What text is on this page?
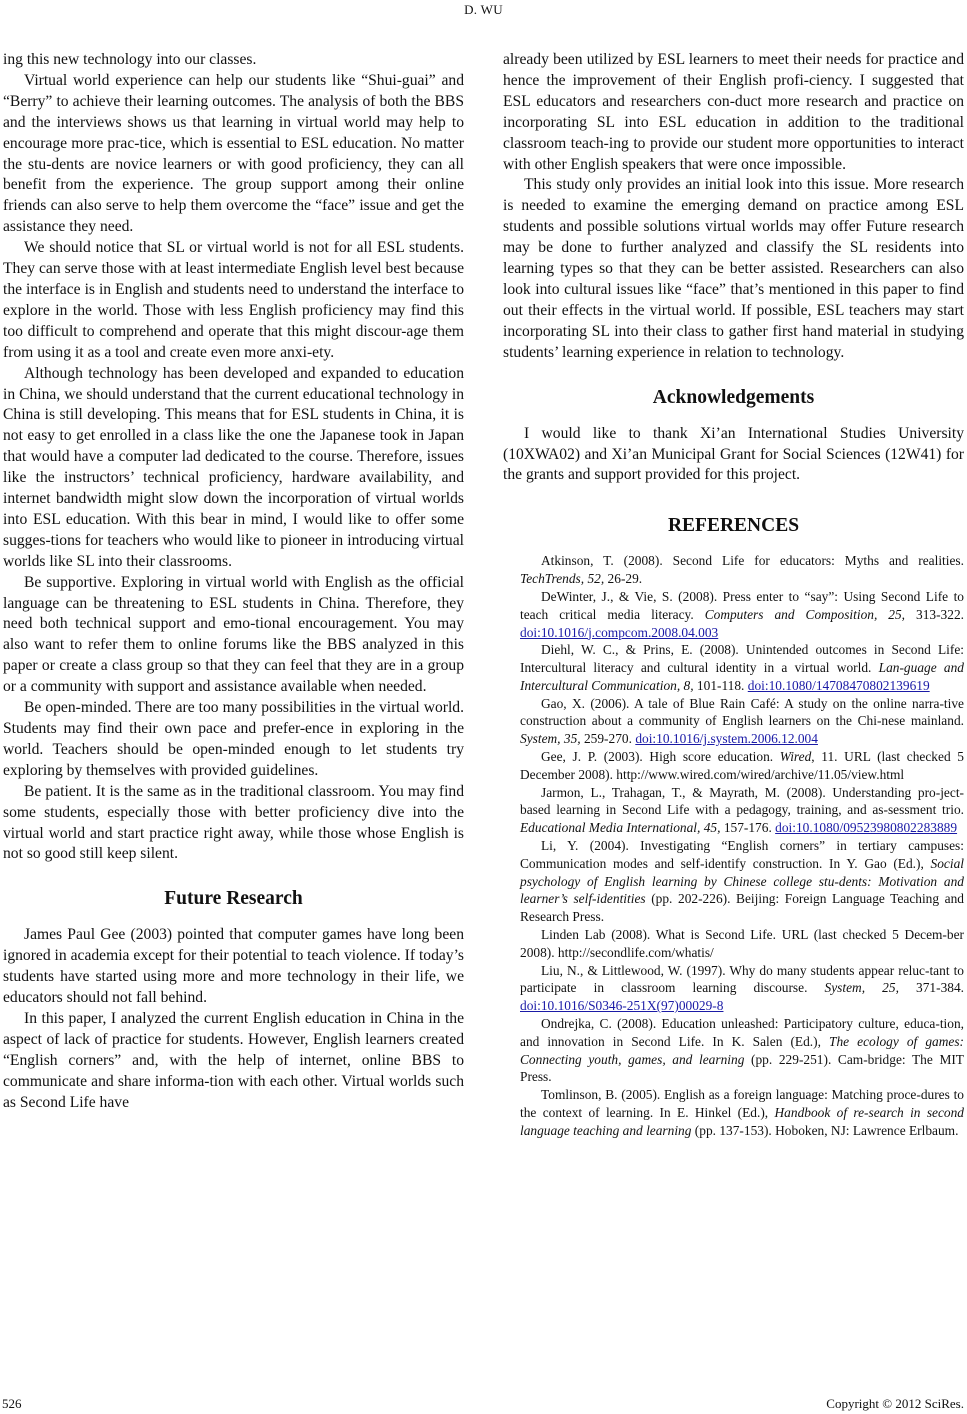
D. WU

ing this new technology into our classes.

Virtual world experience can help our students like “Shui-guai” and “Berry” to achieve their learning outcomes. The analysis of both the BBS and the interviews shows us that learning in virtual world may help to encourage more prac-tice, which is essential to ESL education. No matter the stu-dents are novice learners or with good proficiency, they can all benefit from the experience. The group support among their online friends can also serve to help them overcome the “face” issue and get the assistance they need.

We should notice that SL or virtual world is not for all ESL students. They can serve those with at least intermediate English level best because the interface is in English and students need to understand the interface to explore in the world. Those with less English proficiency may find this too difficult to comprehend and operate that this might discour-age them from using it as a tool and create even more anxi-ety.

Although technology has been developed and expanded to education in China, we should understand that the current educational technology in China is still developing. This means that for ESL students in China, it is not easy to get enrolled in a class like the one the Japanese took in Japan that would have a computer lad dedicated to the course. Therefore, issues like the instructors’ technical proficiency, hardware availability, and internet bandwidth might slow down the incorporation of virtual worlds into ESL education. With this bear in mind, I would like to offer some sugges-tions for teachers who would like to pioneer in introducing virtual worlds like SL into their classrooms.

Be supportive. Exploring in virtual world with English as the official language can be threatening to ESL students in China. Therefore, they need both technical support and emo-tional encouragement. You may also want to refer them to online forums like the BBS analyzed in this paper or create a class group so that they can feel that they are in a group or a community with support and assistance available when needed.

Be open-minded. There are too many possibilities in the virtual world. Students may find their own pace and prefer-ence in exploring in the world. Teachers should be open-minded enough to let students try exploring by themselves with provided guidelines.

Be patient. It is the same as in the traditional classroom. You may find some students, especially those with better proficiency dive into the virtual world and start practice right away, while those whose English is not so good still keep silent.

Future Research

James Paul Gee (2003) pointed that computer games have long been ignored in academia except for their potential to teach violence. If today’s students have started using more and more technology in their life, we educators should not fall behind.

In this paper, I analyzed the current English education in China in the aspect of lack of practice for students. However, English learners created “English corners” and, with the help of internet, online BBS to communicate and share informa-tion with each other. Virtual worlds such as Second Life have

already been utilized by ESL learners to meet their needs for practice and hence the improvement of their English profi-ciency. I suggested that ESL educators and researchers con-duct more research and practice on incorporating SL into ESL education in addition to the traditional classroom teach-ing to provide our student more opportunities to interact with other English speakers that were once impossible.

This study only provides an initial look into this issue. More research is needed to examine the emerging demand on practice among ESL students and possible solutions virtual worlds may offer Future research may be done to further analyzed and classify the SL residents into learning types so that they can be better assisted. Researchers can also look into cultural issues like “face” that’s mentioned in this paper to find out their effects in the virtual world. If possible, ESL teachers may start incorporating SL into their class to gather first hand material in studying students’ learning experience in relation to technology.

Acknowledgements

I would like to thank Xi’an International Studies University (10XWA02) and Xi’an Municipal Grant for Social Sciences (12W41) for the grants and support provided for this project.

REFERENCES

Atkinson, T. (2008). Second Life for educators: Myths and realities. TechTrends, 52, 26-29.

DeWinter, J., & Vie, S. (2008). Press enter to “say”: Using Second Life to teach critical media literacy. Computers and Composition, 25, 313-322. doi:10.1016/j.compcom.2008.04.003

Diehl, W. C., & Prins, E. (2008). Unintended outcomes in Second Life: Intercultural literacy and cultural identity in a virtual world. Lan-guage and Intercultural Communication, 8, 101-118. doi:10.1080/14708470802139619

Gao, X. (2006). A tale of Blue Rain Café: A study on the online narra-tive construction about a community of English learners on the Chi-nese mainland. System, 35, 259-270. doi:10.1016/j.system.2006.12.004

Gee, J. P. (2003). High score education. Wired, 11. URL (last checked 5 December 2008). http://www.wired.com/wired/archive/11.05/view.html

Jarmon, L., Trahagan, T., & Mayrath, M. (2008). Understanding pro-ject-based learning in Second Life with a pedagogy, training, and as-sessment trio. Educational Media International, 45, 157-176. doi:10.1080/09523980802283889

Li, Y. (2004). Investigating “English corners” in tertiary campuses: Communication modes and self-identify construction. In Y. Gao (Ed.), Social psychology of English learning by Chinese college stu-dents: Motivation and learner’s self-identities (pp. 202-226). Beijing: Foreign Language Teaching and Research Press.

Linden Lab (2008). What is Second Life. URL (last checked 5 Decem-ber 2008). http://secondlife.com/whatis/

Liu, N., & Littlewood, W. (1997). Why do many students appear reluc-tant to participate in classroom learning discourse. System, 25, 371-384. doi:10.1016/S0346-251X(97)00029-8

Ondrejka, C. (2008). Education unleashed: Participatory culture, educa-tion, and innovation in Second Life. In K. Salen (Ed.), The ecology of games: Connecting youth, games, and learning (pp. 229-251). Cam-bridge: The MIT Press.

Tomlinson, B. (2005). English as a foreign language: Matching proce-dures to the context of learning. In E. Hinkel (Ed.), Handbook of re-search in second language teaching and learning (pp. 137-153). Hoboken, NJ: Lawrence Erlbaum.

526	Copyright © 2012 SciRes.
